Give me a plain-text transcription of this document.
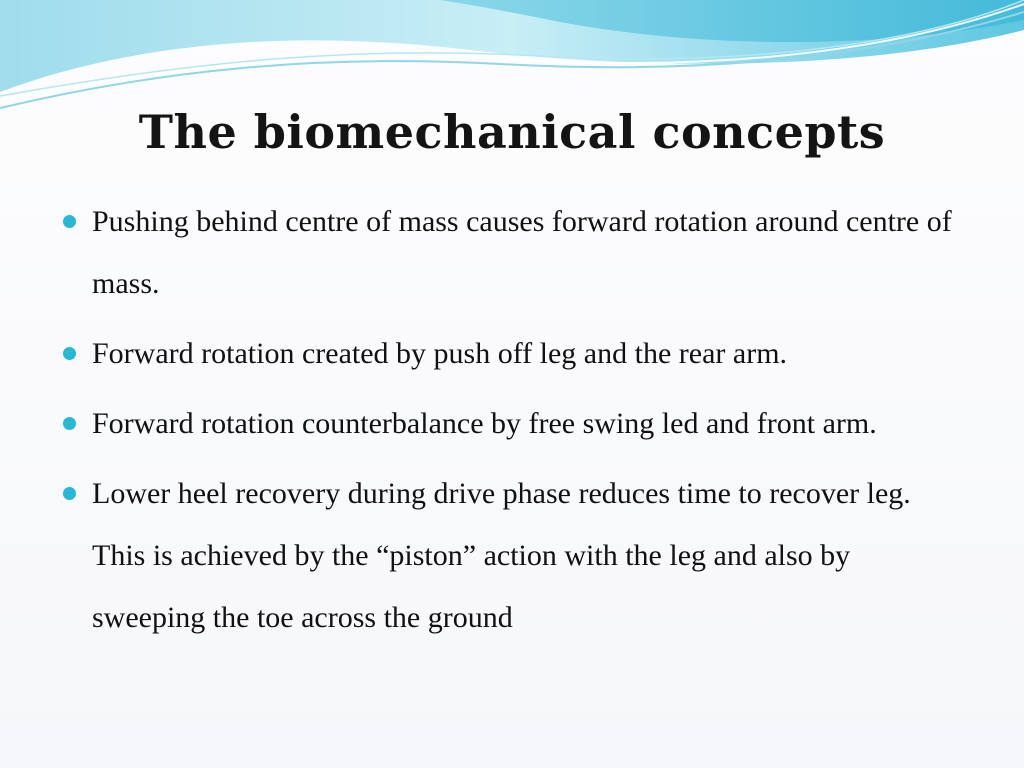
The biomechanical concepts
Pushing behind centre of mass causes forward rotation around centre of mass.
Forward rotation created by push off leg and the rear arm.
Forward rotation counterbalance by free swing led and front arm.
Lower heel recovery during drive phase reduces time to recover leg. This is achieved by the “piston” action with the leg and also by sweeping the toe across the ground
